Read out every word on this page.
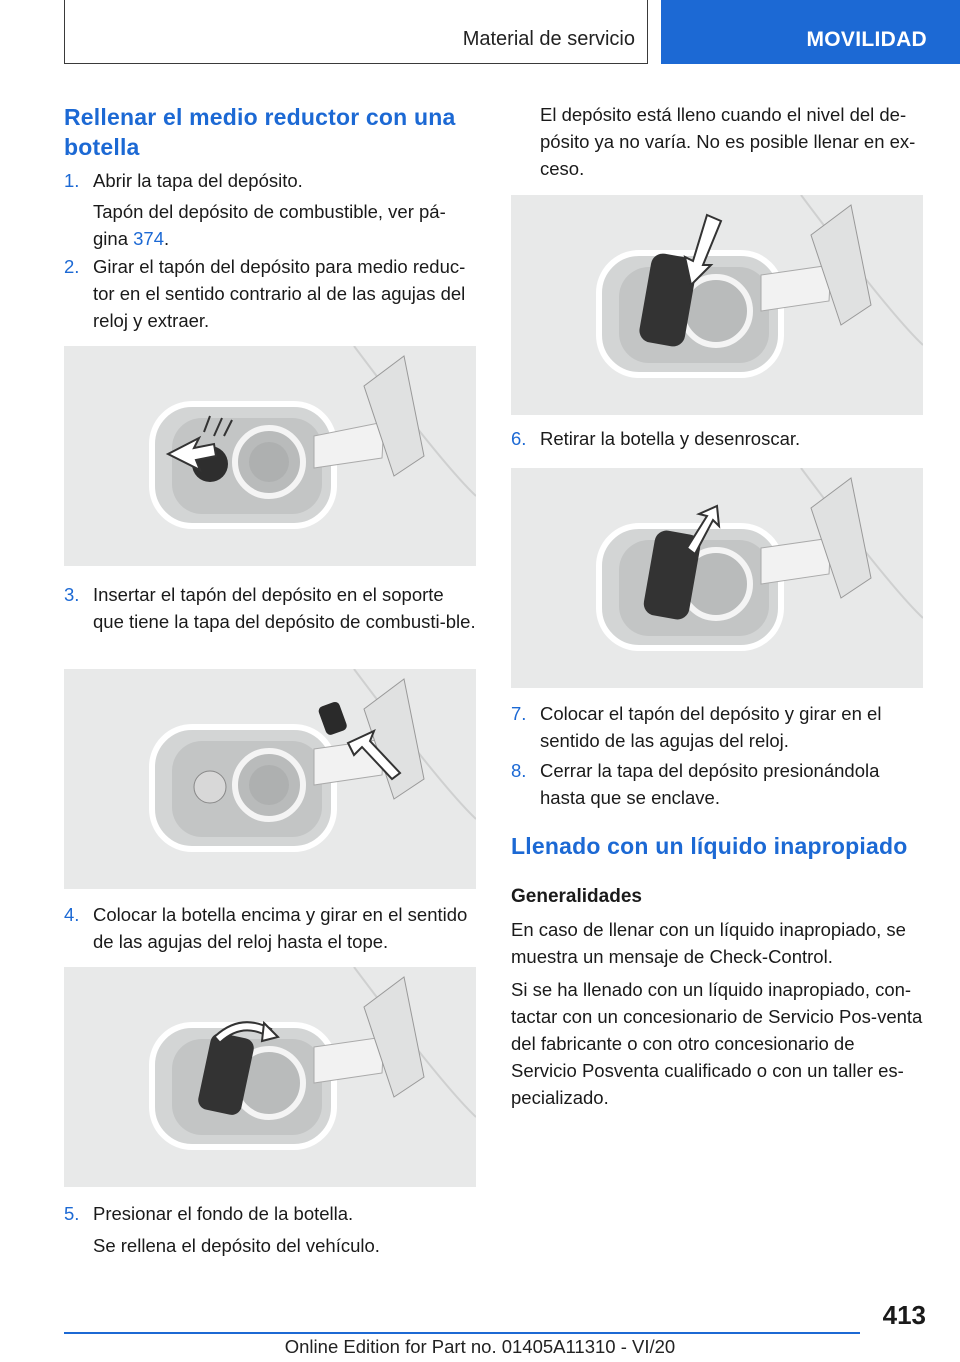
Material de servicio	MOVILIDAD
Rellenar el medio reductor con una botella
1. Abrir la tapa del depósito.
Tapón del depósito de combustible, ver pá-gina 374.
2. Girar el tapón del depósito para medio reduc-tor en el sentido contrario al de las agujas del reloj y extraer.
3. Insertar el tapón del depósito en el soporte que tiene la tapa del depósito de combusti-ble.
4. Colocar la botella encima y girar en el sentido de las agujas del reloj hasta el tope.
5. Presionar el fondo de la botella.
Se rellena el depósito del vehículo.
El depósito está lleno cuando el nivel del de-pósito ya no varía. No es posible llenar en ex-ceso.
6. Retirar la botella y desenroscar.
7. Colocar el tapón del depósito y girar en el sentido de las agujas del reloj.
8. Cerrar la tapa del depósito presionándola hasta que se enclave.
Llenado con un líquido inapropiado
Generalidades
En caso de llenar con un líquido inapropiado, se muestra un mensaje de Check-Control.
Si se ha llenado con un líquido inapropiado, con-tactar con un concesionario de Servicio Pos-venta del fabricante o con otro concesionario de Servicio Posventa cualificado o con un taller es-pecializado.
413
Online Edition for Part no. 01405A11310 - VI/20
